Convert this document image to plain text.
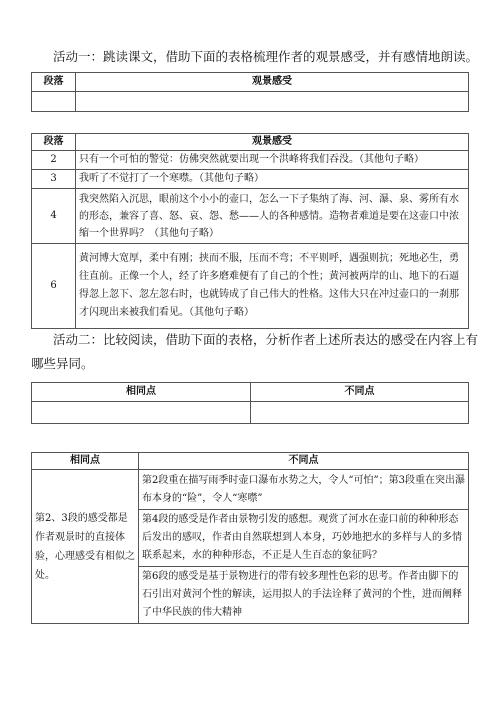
活动一：跳读课文，借助下面的表格梳理作者的观景感受，并有感情地朗读。
段落	观景感受

段落	观景感受
2	只有一个可怕的警觉：仿佛突然就要出现一个洪峰将我们吞没。（其他句子略）
3	我听了不觉打了一个寒噤。（其他句子略）
4	我突然陷入沉思，眼前这个小小的壶口，怎么一下子集纳了海、河、瀑、泉、雾所有水的形态，兼容了喜、怒、哀、怨、愁——人的各种感情。造物者难道是要在这壶口中浓缩一个世界吗？（其他句子略）
6	黄河博大宽厚，柔中有刚；挟而不服，压而不弯；不平则呼，遇强则抗；死地必生，勇往直前。正像一个人，经了许多磨难便有了自己的个性；黄河被两岸的山、地下的石逼得忽上忽下、忽左忽右时，也就铸成了自己伟大的性格。这伟大只在冲过壶口的一刹那才闪现出来被我们看见。（其他句子略）
活动二：比较阅读，借助下面的表格，分析作者上述所表达的感受在内容上有
哪些异同。
相同点	不同点

相同点	不同点
第2、3段的感受都是作者观景时的直接体验，心理感受有相似之处。	第2段重在描写雨季时壶口瀑布水势之大，令人“可怕”；第3段重在突出瀑布本身的“险”，令人“寒噤”
	第4段的感受是作者由景物引发的感想。观赏了河水在壶口前的种种形态后发出的感叹，作者由自然联想到人本身，巧妙地把水的多样与人的多情联系起来，水的种种形态，不正是人生百态的象征吗？
	第6段的感受是基于景物进行的带有较多理性色彩的思考。作者由脚下的石引出对黄河个性的解读，运用拟人的手法诠释了黄河的个性，进而阐释了中华民族的伟大精神
